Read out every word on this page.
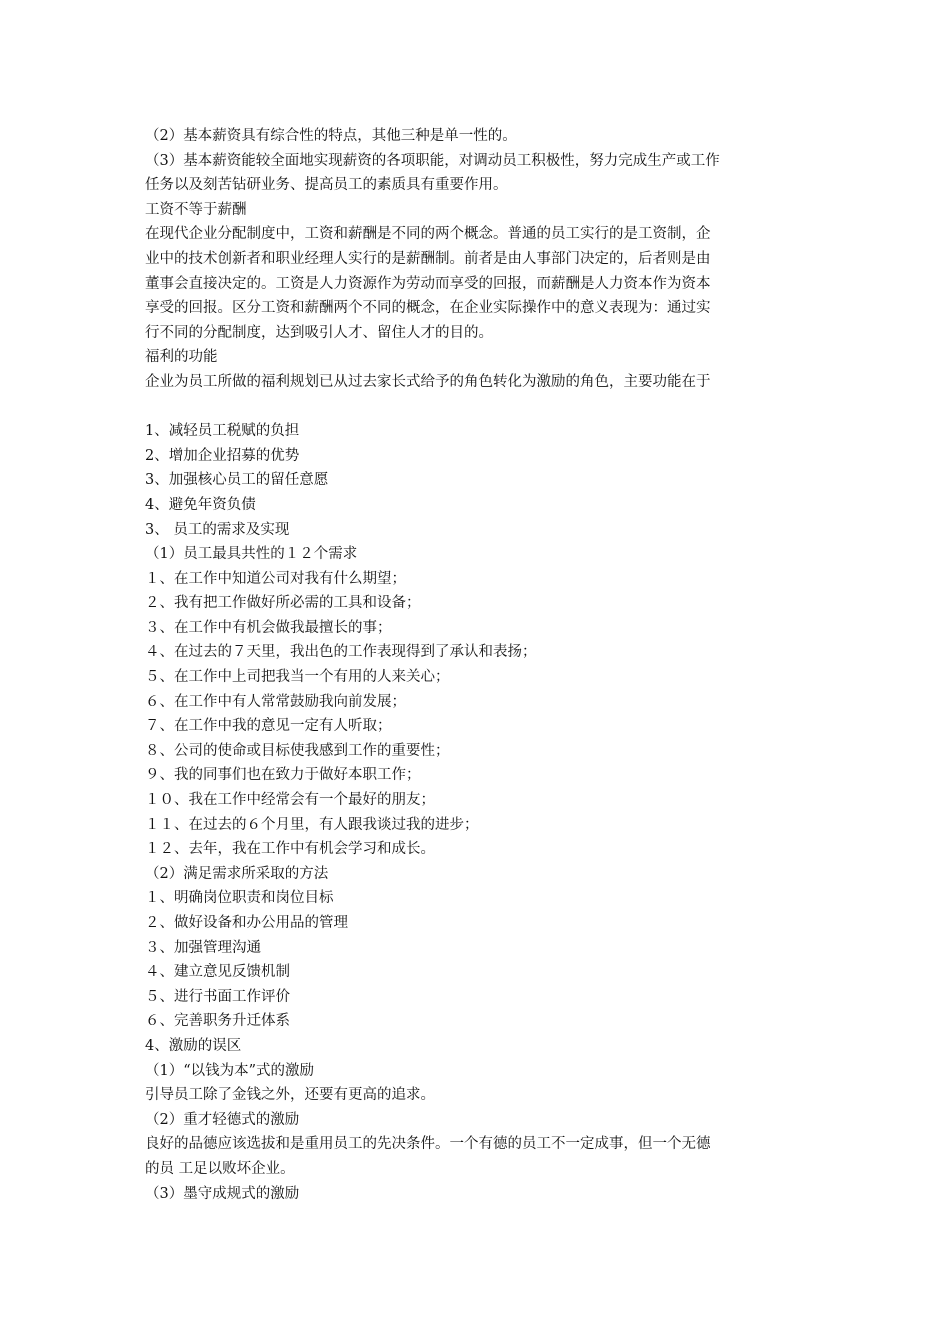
（2）基本薪资具有综合性的特点，其他三种是单一性的。
（3）基本薪资能较全面地实现薪资的各项职能，对调动员工积极性，努力完成生产或工作
任务以及刻苦钻研业务、提高员工的素质具有重要作用。
工资不等于薪酬
在现代企业分配制度中，工资和薪酬是不同的两个概念。普通的员工实行的是工资制，企
业中的技术创新者和职业经理人实行的是薪酬制。前者是由人事部门决定的，后者则是由
董事会直接决定的。工资是人力资源作为劳动而享受的回报，而薪酬是人力资本作为资本
享受的回报。区分工资和薪酬两个不同的概念，在企业实际操作中的意义表现为：通过实
行不同的分配制度，达到吸引人才、留住人才的目的。
福利的功能
企业为员工所做的福利规划已从过去家长式给予的角色转化为激励的角色，主要功能在于
1、减轻员工税赋的负担
2、增加企业招募的优势
3、加强核心员工的留任意愿
4、避免年资负债
3、 员工的需求及实现
（1）员工最具共性的１２个需求
１、在工作中知道公司对我有什么期望；
２、我有把工作做好所必需的工具和设备；
３、在工作中有机会做我最擅长的事；
４、在过去的７天里，我出色的工作表现得到了承认和表扬；
５、在工作中上司把我当一个有用的人来关心；
６、在工作中有人常常鼓励我向前发展；
７、在工作中我的意见一定有人听取；
８、公司的使命或目标使我感到工作的重要性；
９、我的同事们也在致力于做好本职工作；
１０、我在工作中经常会有一个最好的朋友；
１１、在过去的６个月里，有人跟我谈过我的进步；
１２、去年，我在工作中有机会学习和成长。
（2）满足需求所采取的方法
１、明确岗位职责和岗位目标
２、做好设备和办公用品的管理
３、加强管理沟通
４、建立意见反馈机制
５、进行书面工作评价
６、完善职务升迁体系
4、激励的误区
（1）“以钱为本”式的激励
引导员工除了金钱之外，还要有更高的追求。
（2）重才轻德式的激励
良好的品德应该选拔和是重用员工的先决条件。一个有德的员工不一定成事，但一个无德
的员 工足以败坏企业。
（3）墨守成规式的激励
